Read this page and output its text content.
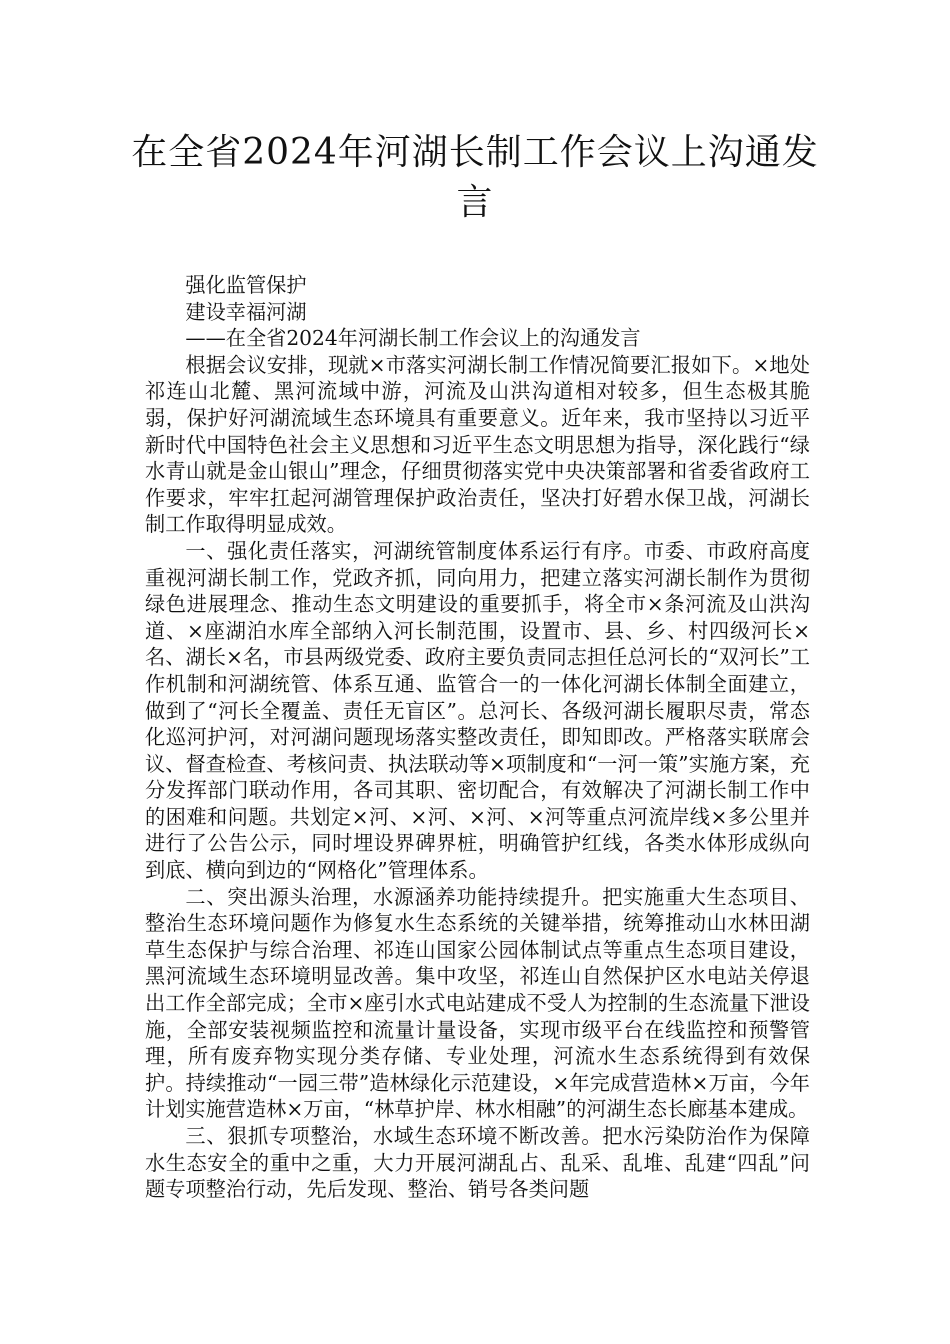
在全省2024年河湖长制工作会议上沟通发言

强化监管保护

建设幸福河湖

——在全省2024年河湖长制工作会议上的沟通发言

根据会议安排，现就×市落实河湖长制工作情况简要汇报如下。×地处祁连山北麓、黑河流域中游，河流及山洪沟道相对较多，但生态极其脆弱，保护好河湖流域生态环境具有重要意义。近年来，我市坚持以习近平新时代中国特色社会主义思想和习近平生态文明思想为指导，深化践行“绿水青山就是金山银山”理念，仔细贯彻落实党中央决策部署和省委省政府工作要求，牢牢扛起河湖管理保护政治责任，坚决打好碧水保卫战，河湖长制工作取得明显成效。

一、强化责任落实，河湖统管制度体系运行有序。市委、市政府高度重视河湖长制工作，党政齐抓，同向用力，把建立落实河湖长制作为贯彻绿色进展理念、推动生态文明建设的重要抓手，将全市×条河流及山洪沟道、×座湖泊水库全部纳入河长制范围，设置市、县、乡、村四级河长×名、湖长×名，市县两级党委、政府主要负责同志担任总河长的“双河长”工作机制和河湖统管、体系互通、监管合一的一体化河湖长体制全面建立，做到了“河长全覆盖、责任无盲区”。总河长、各级河湖长履职尽责，常态化巡河护河，对河湖问题现场落实整改责任，即知即改。严格落实联席会议、督查检查、考核问责、执法联动等×项制度和“一河一策”实施方案，充分发挥部门联动作用，各司其职、密切配合，有效解决了河湖长制工作中的困难和问题。共划定×河、×河、×河、×河等重点河流岸线×多公里并进行了公告公示，同时埋设界碑界桩，明确管护红线，各类水体形成纵向到底、横向到边的“网格化”管理体系。

二、突出源头治理，水源涵养功能持续提升。把实施重大生态项目、整治生态环境问题作为修复水生态系统的关键举措，统筹推动山水林田湖草生态保护与综合治理、祁连山国家公园体制试点等重点生态项目建设，黑河流域生态环境明显改善。集中攻坚，祁连山自然保护区水电站关停退出工作全部完成；全市×座引水式电站建成不受人为控制的生态流量下泄设施，全部安装视频监控和流量计量设备，实现市级平台在线监控和预警管理，所有废弃物实现分类存储、专业处理，河流水生态系统得到有效保护。持续推动“一园三带”造林绿化示范建设，×年完成营造林×万亩，今年计划实施营造林×万亩，“林草护岸、林水相融”的河湖生态长廊基本建成。

三、狠抓专项整治，水域生态环境不断改善。把水污染防治作为保障水生态安全的重中之重，大力开展河湖乱占、乱采、乱堆、乱建“四乱”问题专项整治行动，先后发现、整治、销号各类问题
